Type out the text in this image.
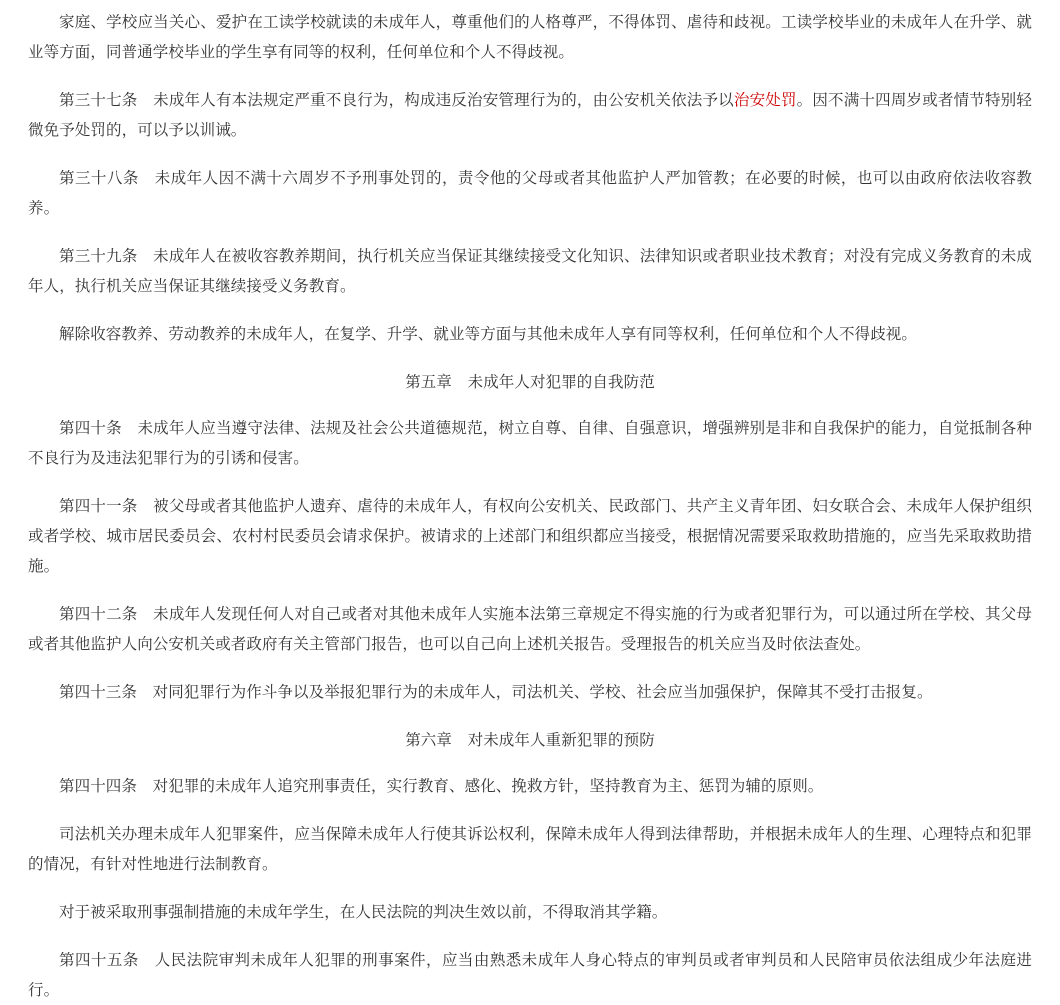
家庭、学校应当关心、爱护在工读学校就读的未成年人，尊重他们的人格尊严，不得体罚、虐待和歧视。工读学校毕业的未成年人在升学、就业等方面，同普通学校毕业的学生享有同等的权利，任何单位和个人不得歧视。

第三十七条　未成年人有本法规定严重不良行为，构成违反治安管理行为的，由公安机关依法予以治安处罚。因不满十四周岁或者情节特别轻微免予处罚的，可以予以训诫。

第三十八条　未成年人因不满十六周岁不予刑事处罚的，责令他的父母或者其他监护人严加管教；在必要的时候，也可以由政府依法收容教养。

第三十九条　未成年人在被收容教养期间，执行机关应当保证其继续接受文化知识、法律知识或者职业技术教育；对没有完成义务教育的未成年人，执行机关应当保证其继续接受义务教育。

解除收容教养、劳动教养的未成年人，在复学、升学、就业等方面与其他未成年人享有同等权利，任何单位和个人不得歧视。

第五章　未成年人对犯罪的自我防范

第四十条　未成年人应当遵守法律、法规及社会公共道德规范，树立自尊、自律、自强意识，增强辨别是非和自我保护的能力，自觉抵制各种不良行为及违法犯罪行为的引诱和侵害。

第四十一条　被父母或者其他监护人遗弃、虐待的未成年人，有权向公安机关、民政部门、共产主义青年团、妇女联合会、未成年人保护组织或者学校、城市居民委员会、农村村民委员会请求保护。被请求的上述部门和组织都应当接受，根据情况需要采取救助措施的，应当先采取救助措施。

第四十二条　未成年人发现任何人对自己或者对其他未成年人实施本法第三章规定不得实施的行为或者犯罪行为，可以通过所在学校、其父母或者其他监护人向公安机关或者政府有关主管部门报告，也可以自己向上述机关报告。受理报告的机关应当及时依法查处。

第四十三条　对同犯罪行为作斗争以及举报犯罪行为的未成年人，司法机关、学校、社会应当加强保护，保障其不受打击报复。

第六章　对未成年人重新犯罪的预防

第四十四条　对犯罪的未成年人追究刑事责任，实行教育、感化、挽救方针，坚持教育为主、惩罚为辅的原则。

司法机关办理未成年人犯罪案件，应当保障未成年人行使其诉讼权利，保障未成年人得到法律帮助，并根据未成年人的生理、心理特点和犯罪的情况，有针对性地进行法制教育。

对于被采取刑事强制措施的未成年学生，在人民法院的判决生效以前，不得取消其学籍。

第四十五条　人民法院审判未成年人犯罪的刑事案件，应当由熟悉未成年人身心特点的审判员或者审判员和人民陪审员依法组成少年法庭进行。
